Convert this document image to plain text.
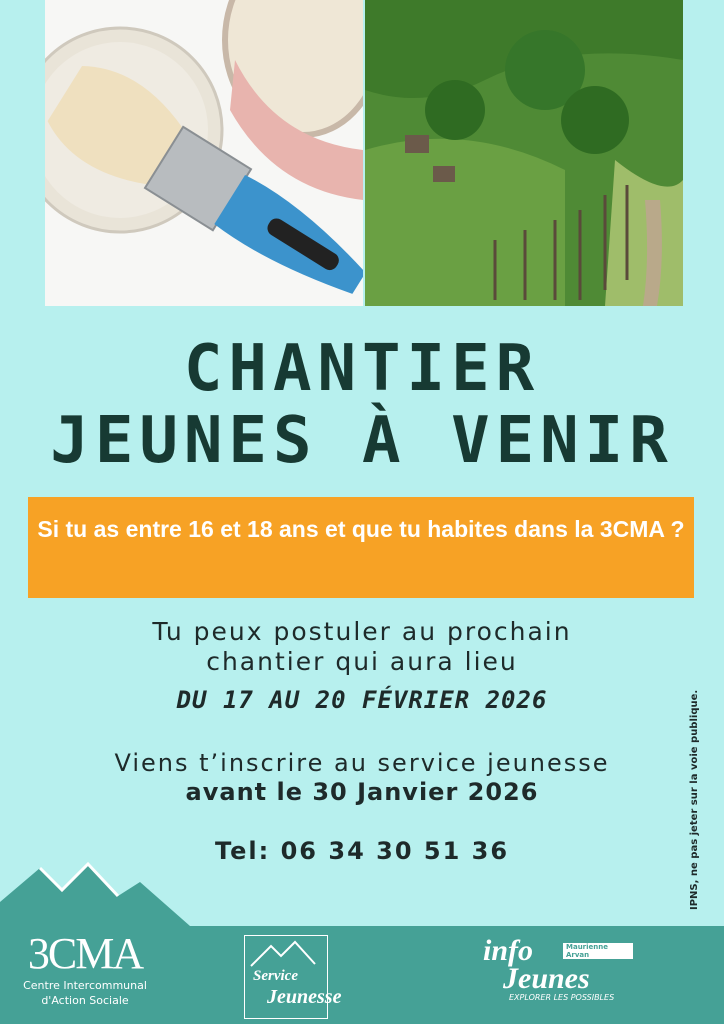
CHANTIER
JEUNES À VENIR
Si tu as entre 16 et 18 ans et que tu habites dans la 3CMA ?
Tu peux postuler au prochain
chantier qui aura lieu
DU 17 AU 20 FÉVRIER 2026
Viens t’inscrire au service jeunesse
avant le 30 Janvier 2026
Tel: 06 34 30 51 36	IPNS, ne pas jeter sur la voie publique.
3CMA
Centre Intercommunal
d'Action Sociale
Service
Jeunesse
info
Jeunes
EXPLORER LES POSSIBLES
Maurienne Arvan
